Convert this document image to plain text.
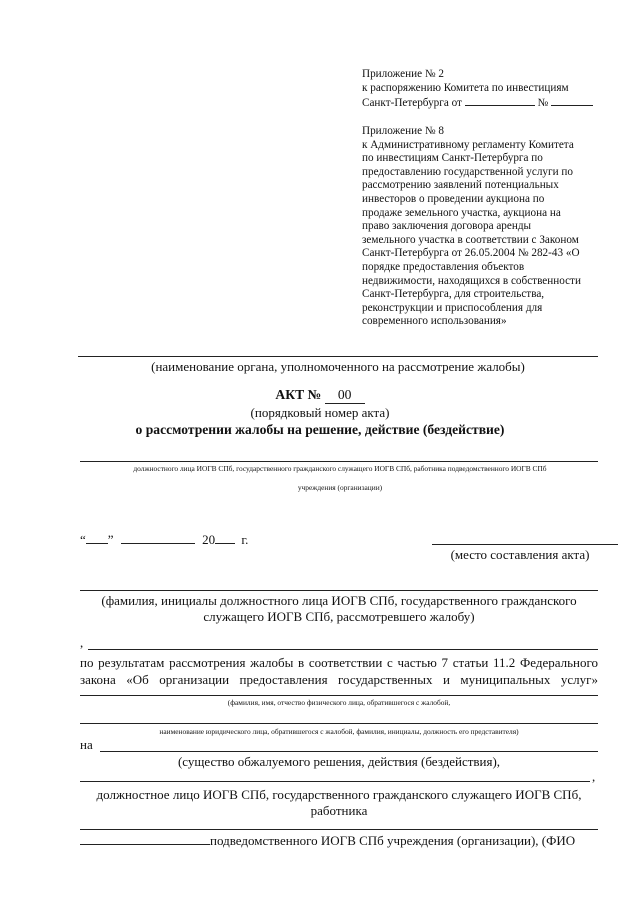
Приложение № 2
к распоряжению Комитета по инвестициям
Санкт-Петербурга от	№
Приложение № 8
к Административному регламенту Комитета
по инвестициям Санкт-Петербурга по
предоставлению государственной услуги по
рассмотрению заявлений потенциальных
инвесторов о проведении аукциона по
продаже земельного участка, аукциона на
право заключения договора аренды
земельного участка в соответствии с Законом
Санкт-Петербурга от 26.05.2004 № 282-43 «О
порядке предоставления объектов
недвижимости, находящихся в собственности
Санкт-Петербурга, для строительства,
реконструкции и приспособления для
современного использования»
(наименование органа, уполномоченного на рассмотрение жалобы)
АКТ № 00
(порядковый номер акта)
о рассмотрении жалобы на решение, действие (бездействие)
должностного лица ИОГВ СПб, государственного гражданского служащего ИОГВ СПб, работника подведомственного ИОГВ СПб
учреждения (организации)
“ ”	20 г.
(место составления акта)
(фамилия, инициалы должностного лица ИОГВ СПб, государственного гражданского
служащего ИОГВ СПб, рассмотревшего жалобу)
,
по результатам рассмотрения жалобы в соответствии с частью 7 статьи 11.2 Федерального
закона «Об организации предоставления государственных и муниципальных услуг»
(фамилия, имя, отчество физического лица, обратившегося с жалобой,
наименование юридического лица, обратившегося с жалобой, фамилия, инициалы, должность его представителя)
на
(существо обжалуемого решения, действия (бездействия),
,
должностное лицо ИОГВ СПб, государственного гражданского служащего ИОГВ СПб,
работника
подведомственного ИОГВ СПб учреждения (организации), (ФИО
